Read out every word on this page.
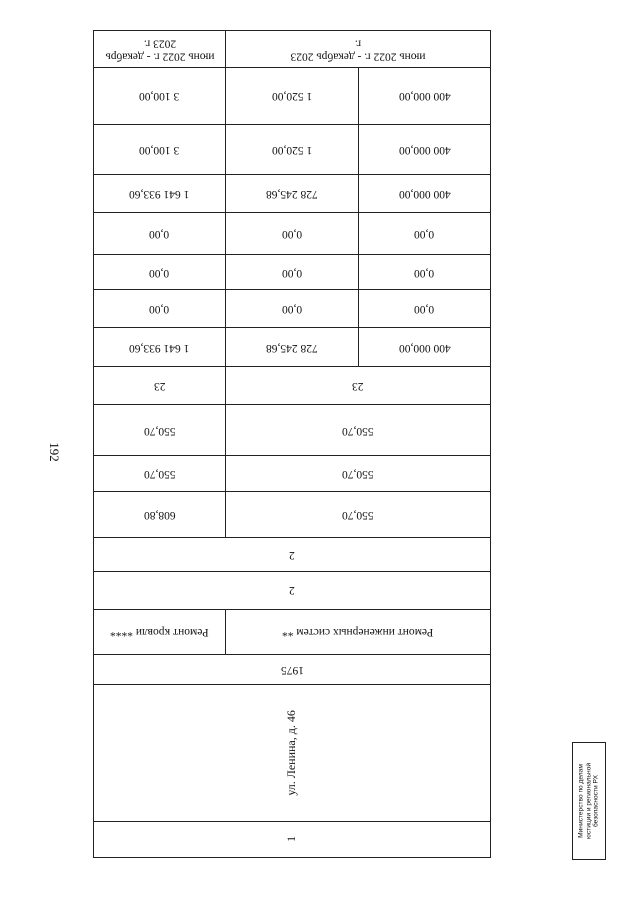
192
июнь 2022 г. - декабрь 2023 г.	июнь 2022 г. - декабрь 2023 г.	
3 100,00	1 520,00	400 000,00
3 100,00	1 520,00	400 000,00
1 641 933,60	728 245,68	400 000,00
0,00	0,00	0,00
0,00	0,00	0,00
0,00	0,00	0,00
1 641 933,60	728 245,68	400 000,00
23	23	
550,70	550,70	
550,70	550,70	
608,80	550,70	
2		
2		
Ремонт кровли ****	Ремонт инженерных систем **	
1975		
ул. Ленина, д. 46		
1		
Министерство по делам юстиции и региональной безопасности РХ
